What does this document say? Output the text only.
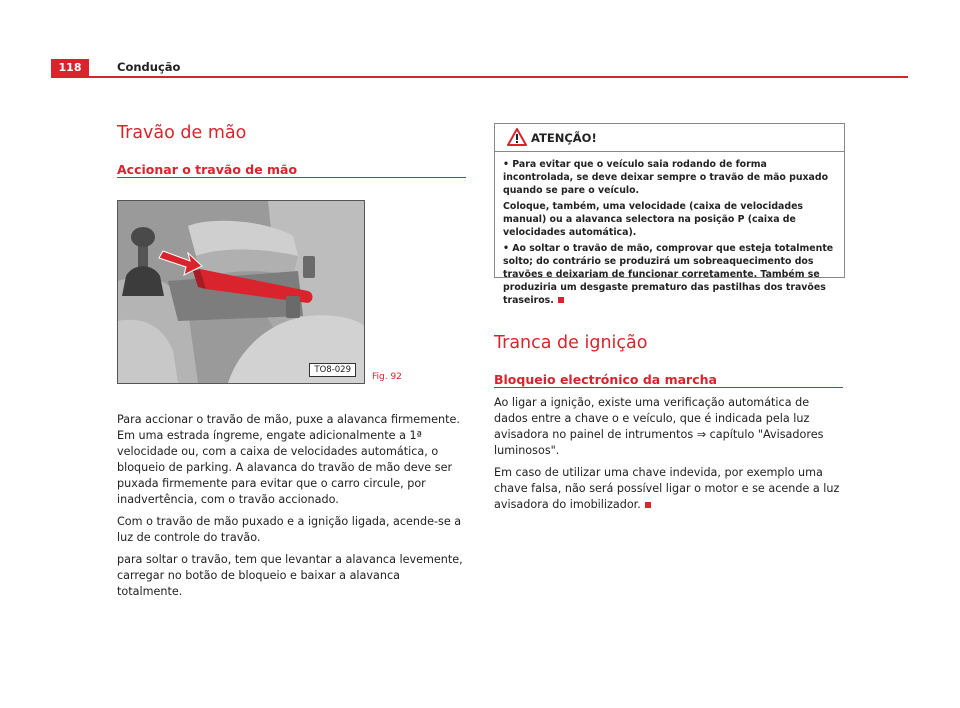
118	Condução
Travão de mão
Accionar o travão de mão
TO8-029
Fig. 92

Para accionar o travão de mão, puxe a alavanca firmemente. Em uma estrada íngreme, engate adicionalmente a 1ª velocidade ou, com a caixa de velocidades automática, o bloqueio de parking. A alavanca do travão de mão deve ser puxada firmemente para evitar que o carro circule, por inadvertência, com o travão accionado.

Com o travão de mão puxado e a ignição ligada, acende-se a luz de controle do travão.

para soltar o travão, tem que levantar a alavanca levemente, carregar no botão de bloqueio e baixar a alavanca totalmente.

ATENÇÃO!

• Para evitar que o veículo saia rodando de forma incontrolada, se deve deixar sempre o travão de mão puxado quando se pare o veículo.

Coloque, também, uma velocidade (caixa de velocidades manual) ou a alavanca selectora na posição P (caixa de velocidades automática).

• Ao soltar o travão de mão, comprovar que esteja totalmente solto; do contrário se produzirá um sobreaquecimento dos travões e deixariam de funcionar corretamente. Também se produziria um desgaste prematuro das pastilhas dos travões traseiros.

Tranca de ignição
Bloqueio electrónico da marcha

Ao ligar a ignição, existe uma verificação automática de dados entre a chave o e veículo, que é indicada pela luz avisadora no painel de intrumentos ⇒ capítulo "Avisadores luminosos".

Em caso de utilizar uma chave indevida, por exemplo uma chave falsa, não será possível ligar o motor e se acende a luz avisadora do imobilizador.
